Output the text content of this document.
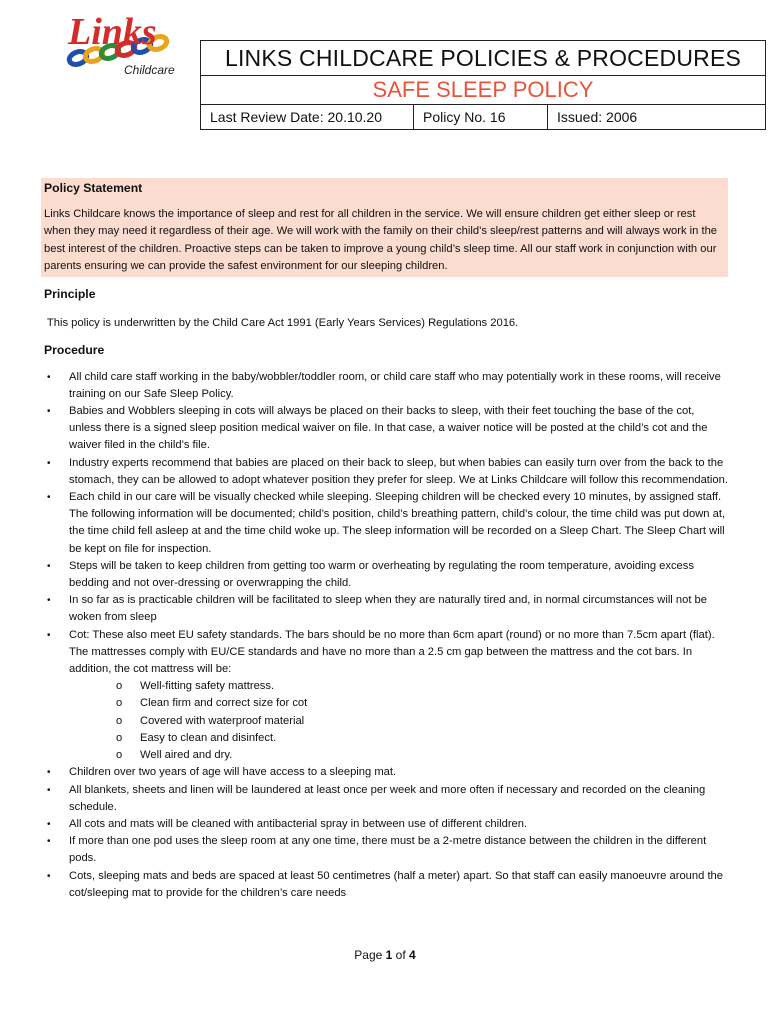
Links
Childcare LINKS CHILDCARE POLICIES & PROCEDURES
SAFE SLEEP POLICY
Last Review Date: 20.10.20	Policy No. 16	Issued: 2006
Policy Statement

Links Childcare knows the importance of sleep and rest for all children in the service. We will ensure children get either sleep or rest when they may need it regardless of their age. We will work with the family on their child’s sleep/rest patterns and will always work in the best interest of the children. Proactive steps can be taken to improve a young child’s sleep time. All our staff work in conjunction with our parents ensuring we can provide the safest environment for our sleeping children.

Principle

This policy is underwritten by the Child Care Act 1991 (Early Years Services) Regulations 2016.

Procedure
• All child care staff working in the baby/wobbler/toddler room, or child care staff who may potentially work in these rooms, will receive training on our Safe Sleep Policy.
• Babies and Wobblers sleeping in cots will always be placed on their backs to sleep, with their feet touching the base of the cot, unless there is a signed sleep position medical waiver on file. In that case, a waiver notice will be posted at the child’s cot and the waiver filed in the child’s file.
• Industry experts recommend that babies are placed on their back to sleep, but when babies can easily turn over from the back to the stomach, they can be allowed to adopt whatever position they prefer for sleep. We at Links Childcare will follow this recommendation.
• Each child in our care will be visually checked while sleeping. Sleeping children will be checked every 10 minutes, by assigned staff. The following information will be documented; child’s position, child’s breathing pattern, child’s colour, the time child was put down at, the time child fell asleep at and the time child woke up. The sleep information will be recorded on a Sleep Chart. The Sleep Chart will be kept on file for inspection.
• Steps will be taken to keep children from getting too warm or overheating by regulating the room temperature, avoiding excess bedding and not over-dressing or overwrapping the child.
• In so far as is practicable children will be facilitated to sleep when they are naturally tired and, in normal circumstances will not be woken from sleep
• Cot: These also meet EU safety standards. The bars should be no more than 6cm apart (round) or no more than 7.5cm apart (flat). The mattresses comply with EU/CE standards and have no more than a 2.5 cm gap between the mattress and the cot bars. In addition, the cot mattress will be:
o Well-fitting safety mattress.
o Clean firm and correct size for cot
o Covered with waterproof material
o Easy to clean and disinfect.
o Well aired and dry.
• Children over two years of age will have access to a sleeping mat.
• All blankets, sheets and linen will be laundered at least once per week and more often if necessary and recorded on the cleaning schedule.
• All cots and mats will be cleaned with antibacterial spray in between use of different children.
• If more than one pod uses the sleep room at any one time, there must be a 2-metre distance between the children in the different pods.
• Cots, sleeping mats and beds are spaced at least 50 centimetres (half a meter) apart. So that staff can easily manoeuvre around the cot/sleeping mat to provide for the children’s care needs
Page 1 of 4
